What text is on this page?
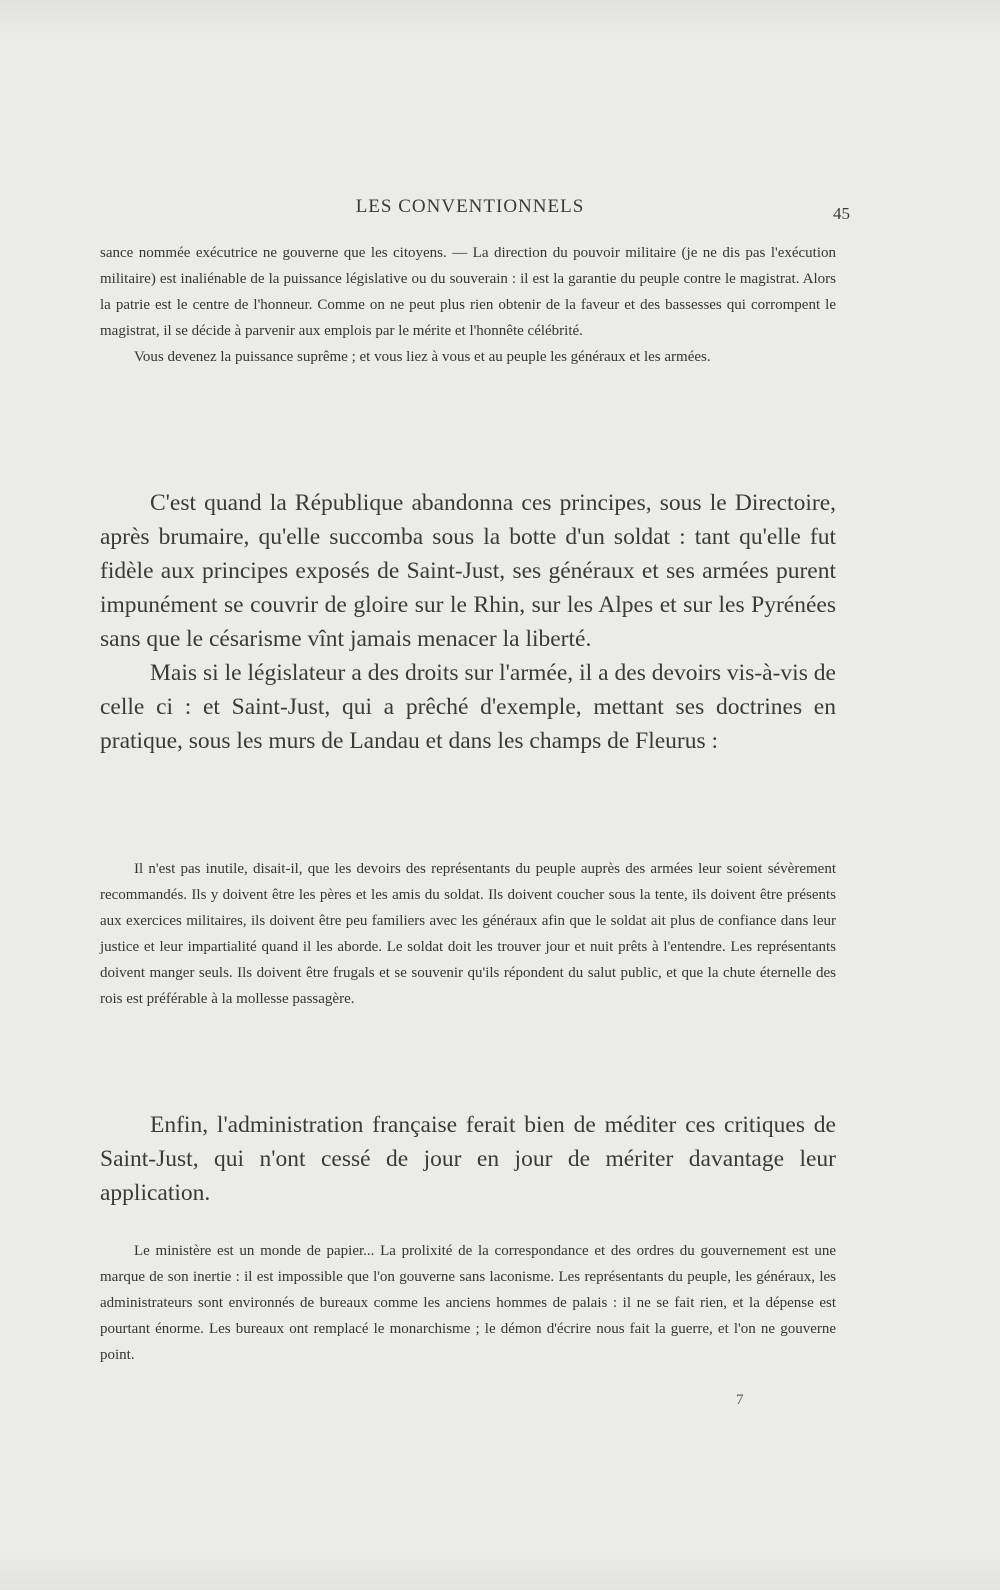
LES CONVENTIONNELS	45

sance nommée exécutrice ne gouverne que les citoyens. — La direction du pouvoir militaire (je ne dis pas l'exécution militaire) est inaliénable de la puissance législative ou du souverain : il est la garantie du peuple contre le magistrat. Alors la patrie est le centre de l'honneur. Comme on ne peut plus rien obtenir de la faveur et des bassesses qui corrompent le magistrat, il se décide à parvenir aux emplois par le mérite et l'honnête célébrité.

Vous devenez la puissance suprême ; et vous liez à vous et au peuple les généraux et les armées.

C'est quand la République abandonna ces principes, sous le Directoire, après brumaire, qu'elle succomba sous la botte d'un soldat : tant qu'elle fut fidèle aux principes exposés de Saint-Just, ses généraux et ses armées purent impunément se couvrir de gloire sur le Rhin, sur les Alpes et sur les Pyrénées sans que le césarisme vînt jamais menacer la liberté.

Mais si le législateur a des droits sur l'armée, il a des devoirs vis-à-vis de celle ci : et Saint-Just, qui a prêché d'exemple, mettant ses doctrines en pratique, sous les murs de Landau et dans les champs de Fleurus :

Il n'est pas inutile, disait-il, que les devoirs des représentants du peuple auprès des armées leur soient sévèrement recommandés. Ils y doivent être les pères et les amis du soldat. Ils doivent coucher sous la tente, ils doivent être présents aux exercices militaires, ils doivent être peu familiers avec les généraux afin que le soldat ait plus de confiance dans leur justice et leur impartialité quand il les aborde. Le soldat doit les trouver jour et nuit prêts à l'entendre. Les représentants doivent manger seuls. Ils doivent être frugals et se souvenir qu'ils répondent du salut public, et que la chute éternelle des rois est préférable à la mollesse passagère.

Enfin, l'administration française ferait bien de méditer ces critiques de Saint-Just, qui n'ont cessé de jour en jour de mériter davantage leur application.

Le ministère est un monde de papier... La prolixité de la correspondance et des ordres du gouvernement est une marque de son inertie : il est impossible que l'on gouverne sans laconisme. Les représentants du peuple, les généraux, les administrateurs sont environnés de bureaux comme les anciens hommes de palais : il ne se fait rien, et la dépense est pourtant énorme. Les bureaux ont remplacé le monarchisme ; le démon d'écrire nous fait la guerre, et l'on ne gouverne point.

7
